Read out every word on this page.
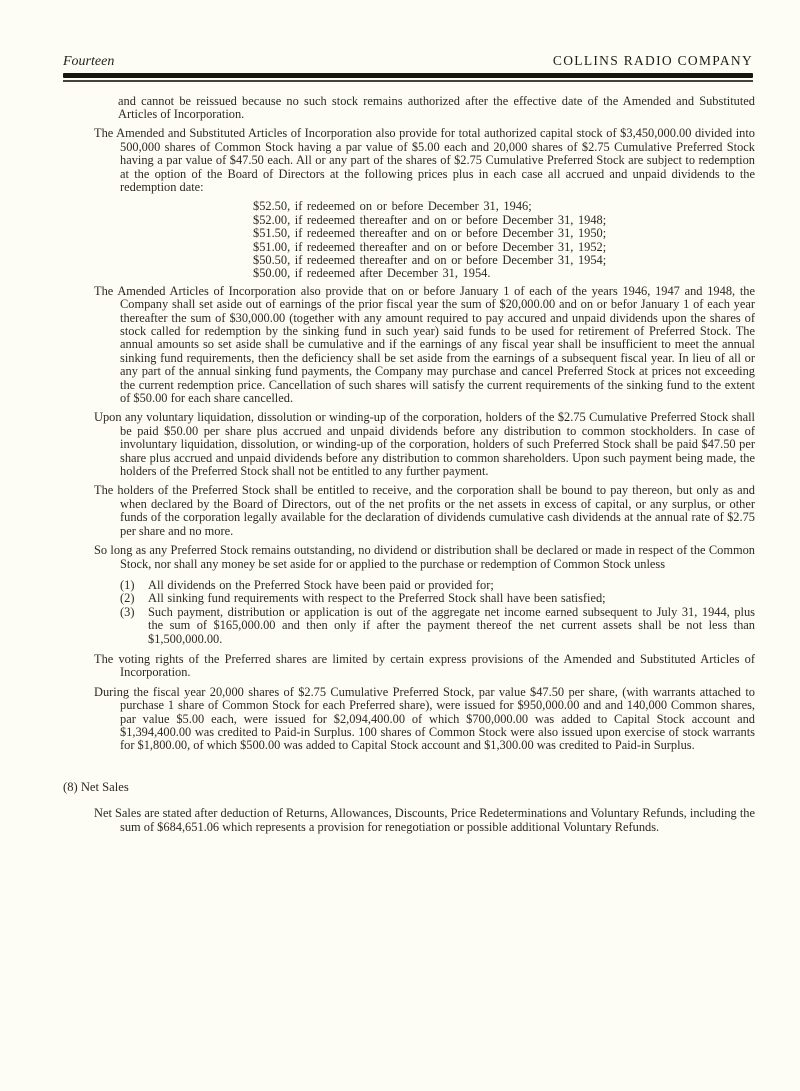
Fourteen	COLLINS RADIO COMPANY

and cannot be reissued because no such stock remains authorized after the effective date of the Amended and Substituted Articles of Incorporation.

The Amended and Substituted Articles of Incorporation also provide for total authorized capital stock of $3,450,000.00 divided into 500,000 shares of Common Stock having a par value of $5.00 each and 20,000 shares of $2.75 Cumulative Preferred Stock having a par value of $47.50 each. All or any part of the shares of $2.75 Cumulative Preferred Stock are subject to redemption at the option of the Board of Directors at the following prices plus in each case all accrued and unpaid dividends to the redemption date:

$52.50, if redeemed on or before December 31, 1946;
$52.00, if redeemed thereafter and on or before December 31, 1948;
$51.50, if redeemed thereafter and on or before December 31, 1950;
$51.00, if redeemed thereafter and on or before December 31, 1952;
$50.50, if redeemed thereafter and on or before December 31, 1954;
$50.00, if redeemed after December 31, 1954.

The Amended Articles of Incorporation also provide that on or before January 1 of each of the years 1946, 1947 and 1948, the Company shall set aside out of earnings of the prior fiscal year the sum of $20,000.00 and on or befor January 1 of each year thereafter the sum of $30,000.00 (together with any amount required to pay accured and unpaid dividends upon the shares of stock called for redemption by the sinking fund in such year) said funds to be used for retirement of Preferred Stock. The annual amounts so set aside shall be cumulative and if the earnings of any fiscal year shall be insufficient to meet the annual sinking fund requirements, then the deficiency shall be set aside from the earnings of a subsequent fiscal year. In lieu of all or any part of the annual sinking fund payments, the Company may purchase and cancel Preferred Stock at prices not exceeding the current redemption price. Cancellation of such shares will satisfy the current requirements of the sinking fund to the extent of $50.00 for each share cancelled.

Upon any voluntary liquidation, dissolution or winding-up of the corporation, holders of the $2.75 Cumulative Preferred Stock shall be paid $50.00 per share plus accrued and unpaid dividends before any distribution to common stockholders. In case of involuntary liquidation, dissolution, or winding-up of the corporation, holders of such Preferred Stock shall be paid $47.50 per share plus accrued and unpaid dividends before any distribution to common shareholders. Upon such payment being made, the holders of the Preferred Stock shall not be entitled to any further payment.

The holders of the Preferred Stock shall be entitled to receive, and the corporation shall be bound to pay thereon, but only as and when declared by the Board of Directors, out of the net profits or the net assets in excess of capital, or any surplus, or other funds of the corporation legally available for the declaration of dividends cumulative cash dividends at the annual rate of $2.75 per share and no more.

So long as any Preferred Stock remains outstanding, no dividend or distribution shall be declared or made in respect of the Common Stock, nor shall any money be set aside for or applied to the purchase or redemption of Common Stock unless

(1) All dividends on the Preferred Stock have been paid or provided for;
(2) All sinking fund requirements with respect to the Preferred Stock shall have been satisfied;
(3) Such payment, distribution or application is out of the aggregate net income earned subsequent to July 31, 1944, plus the sum of $165,000.00 and then only if after the payment thereof the net current assets shall be not less than $1,500,000.00.

The voting rights of the Preferred shares are limited by certain express provisions of the Amended and Substituted Articles of Incorporation.

During the fiscal year 20,000 shares of $2.75 Cumulative Preferred Stock, par value $47.50 per share, (with warrants attached to purchase 1 share of Common Stock for each Preferred share), were issued for $950,000.00 and and 140,000 Common shares, par value $5.00 each, were issued for $2,094,400.00 of which $700,000.00 was added to Capital Stock account and $1,394,400.00 was credited to Paid-in Surplus. 100 shares of Common Stock were also issued upon exercise of stock warrants for $1,800.00, of which $500.00 was added to Capital Stock account and $1,300.00 was credited to Paid-in Surplus.

(8) Net Sales

Net Sales are stated after deduction of Returns, Allowances, Discounts, Price Redeterminations and Voluntary Refunds, including the sum of $684,651.06 which represents a provision for renegotiation or possible additional Voluntary Refunds.
